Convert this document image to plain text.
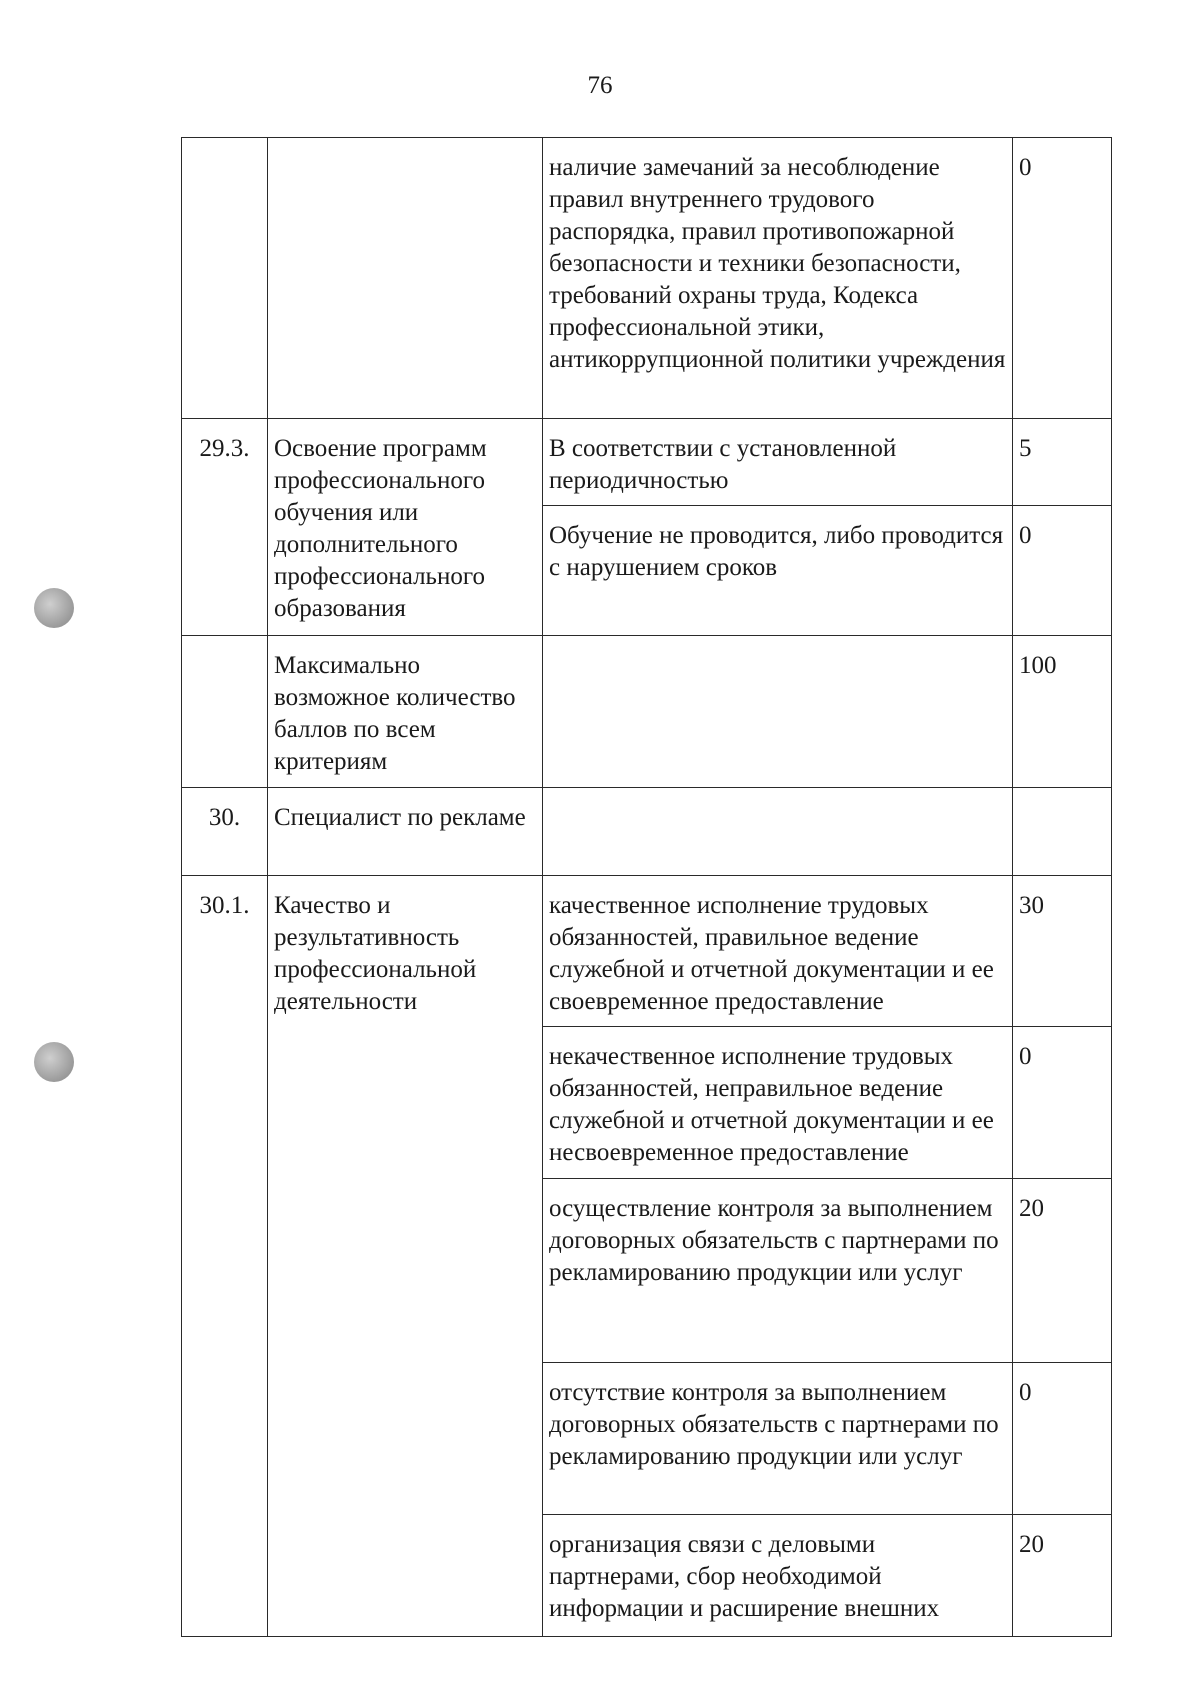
76
		наличие замечаний за несоблюдение правил внутреннего трудового распорядка, правил противопожарной безопасности и техники безопасности, требований охраны труда, Кодекса профессиональной этики, антикоррупционной политики учреждения	0
29.3.	Освоение программ профессионального обучения или дополнительного профессионального образования	В соответствии с установленной периодичностью	5
		Обучение не проводится, либо проводится с нарушением сроков	0
	Максимально возможное количество баллов по всем критериям		100
30.	Специалист по рекламе		
30.1.	Качество и результативность профессиональной деятельности	качественное исполнение трудовых обязанностей, правильное ведение служебной и отчетной документации и ее своевременное предоставление	30
		некачественное исполнение трудовых обязанностей, неправильное ведение служебной и отчетной документации и ее несвоевременное предоставление	0
		осуществление контроля за выполнением договорных обязательств с партнерами по рекламированию продукции или услуг	20
		отсутствие контроля за выполнением договорных обязательств с партнерами по рекламированию продукции или услуг	0
		организация связи с деловыми партнерами, сбор необходимой информации и расширение внешних	20
